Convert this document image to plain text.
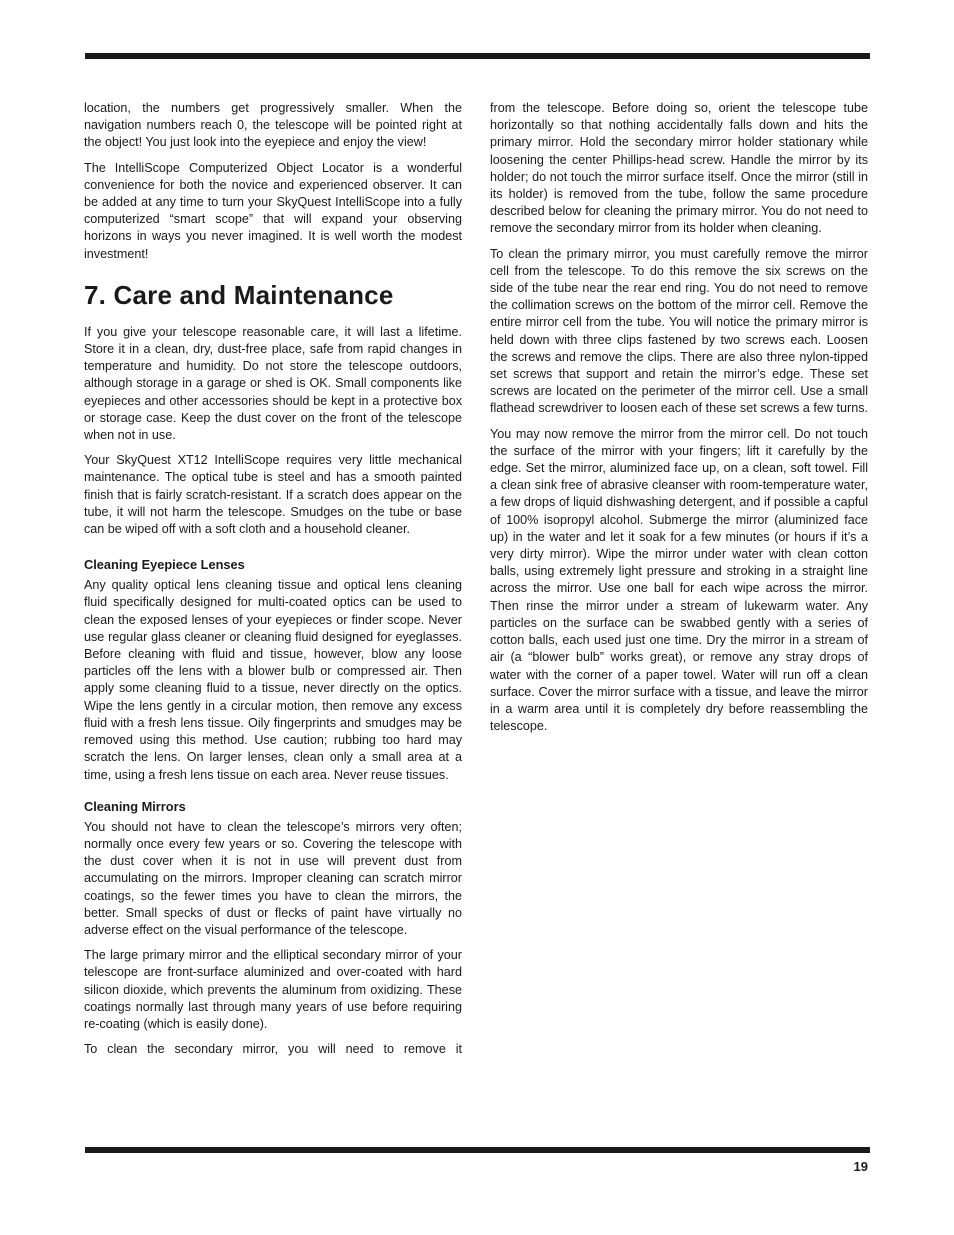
location, the numbers get progressively smaller. When the navigation numbers reach 0, the telescope will be pointed right at the object! You just look into the eyepiece and enjoy the view!

The IntelliScope Computerized Object Locator is a wonderful convenience for both the novice and experienced observer. It can be added at any time to turn your SkyQuest IntelliScope into a fully computerized “smart scope” that will expand your observing horizons in ways you never imagined. It is well worth the modest investment!

7. Care and Maintenance

If you give your telescope reasonable care, it will last a lifetime. Store it in a clean, dry, dust-free place, safe from rapid changes in temperature and humidity. Do not store the telescope outdoors, although storage in a garage or shed is OK. Small components like eyepieces and other accessories should be kept in a protective box or storage case. Keep the dust cover on the front of the telescope when not in use.

Your SkyQuest XT12 IntelliScope requires very little mechanical maintenance. The optical tube is steel and has a smooth painted finish that is fairly scratch-resistant. If a scratch does appear on the tube, it will not harm the telescope. Smudges on the tube or base can be wiped off with a soft cloth and a household cleaner.

Cleaning Eyepiece Lenses

Any quality optical lens cleaning tissue and optical lens cleaning fluid specifically designed for multi-coated optics can be used to clean the exposed lenses of your eyepieces or finder scope. Never use regular glass cleaner or cleaning fluid designed for eyeglasses. Before cleaning with fluid and tissue, however, blow any loose particles off the lens with a blower bulb or compressed air. Then apply some cleaning fluid to a tissue, never directly on the optics. Wipe the lens gently in a circular motion, then remove any excess fluid with a fresh lens tissue. Oily fingerprints and smudges may be removed using this method. Use caution; rubbing too hard may scratch the lens. On larger lenses, clean only a small area at a time, using a fresh lens tissue on each area. Never reuse tissues.

Cleaning Mirrors

You should not have to clean the telescope’s mirrors very often; normally once every few years or so. Covering the telescope with the dust cover when it is not in use will prevent dust from accumulating on the mirrors. Improper cleaning can scratch mirror coatings, so the fewer times you have to clean the mirrors, the better. Small specks of dust or flecks of paint have virtually no adverse effect on the visual performance of the telescope.

The large primary mirror and the elliptical secondary mirror of your telescope are front-surface aluminized and over-coated with hard silicon dioxide, which prevents the aluminum from oxidizing. These coatings normally last through many years of use before requiring re-coating (which is easily done).

To clean the secondary mirror, you will need to remove it

from the telescope. Before doing so, orient the telescope tube horizontally so that nothing accidentally falls down and hits the primary mirror. Hold the secondary mirror holder stationary while loosening the center Phillips-head screw. Handle the mirror by its holder; do not touch the mirror surface itself. Once the mirror (still in its holder) is removed from the tube, follow the same procedure described below for cleaning the primary mirror. You do not need to remove the secondary mirror from its holder when cleaning.

To clean the primary mirror, you must carefully remove the mirror cell from the telescope. To do this remove the six screws on the side of the tube near the rear end ring. You do not need to remove the collimation screws on the bottom of the mirror cell. Remove the entire mirror cell from the tube. You will notice the primary mirror is held down with three clips fastened by two screws each. Loosen the screws and remove the clips. There are also three nylon-tipped set screws that support and retain the mirror’s edge. These set screws are located on the perimeter of the mirror cell. Use a small flathead screwdriver to loosen each of these set screws a few turns.

You may now remove the mirror from the mirror cell. Do not touch the surface of the mirror with your fingers; lift it carefully by the edge. Set the mirror, aluminized face up, on a clean, soft towel. Fill a clean sink free of abrasive cleanser with room-temperature water, a few drops of liquid dishwashing detergent, and if possible a capful of 100% isopropyl alcohol. Submerge the mirror (aluminized face up) in the water and let it soak for a few minutes (or hours if it’s a very dirty mirror). Wipe the mirror under water with clean cotton balls, using extremely light pressure and stroking in a straight line across the mirror. Use one ball for each wipe across the mirror. Then rinse the mirror under a stream of lukewarm water. Any particles on the surface can be swabbed gently with a series of cotton balls, each used just one time. Dry the mirror in a stream of air (a “blower bulb” works great), or remove any stray drops of water with the corner of a paper towel. Water will run off a clean surface. Cover the mirror surface with a tissue, and leave the mirror in a warm area until it is completely dry before reassembling the telescope.

19
